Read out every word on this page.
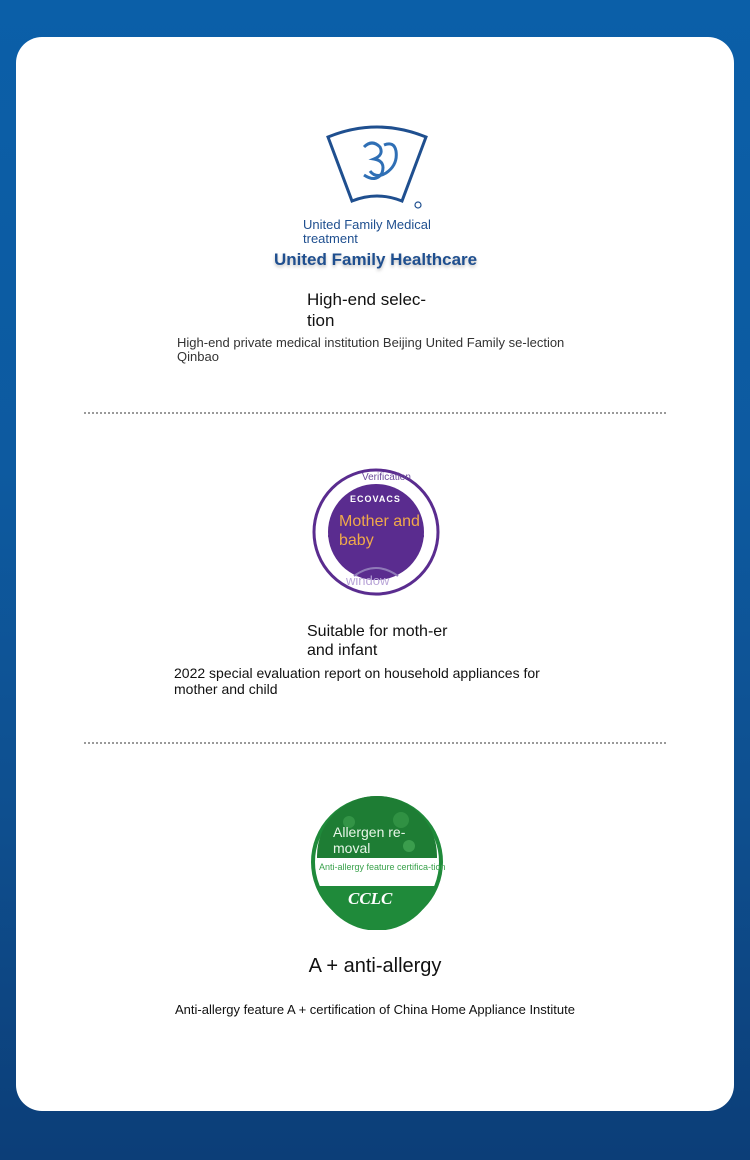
United Family Medical treatment
United Family Healthcare
High-end selec-tion
High-end private medical institution Beijing United Family se-lection Qinbao
Verification
ECOVACS
Mother and baby
window
Suitable for moth-er and infant
2022 special evaluation report on household appliances for mother and child
Allergen re-moval
Anti-allergy feature certifica-tion
CCLC
A + anti-allergy
Anti-allergy feature A + certification of China Home Appliance Institute
